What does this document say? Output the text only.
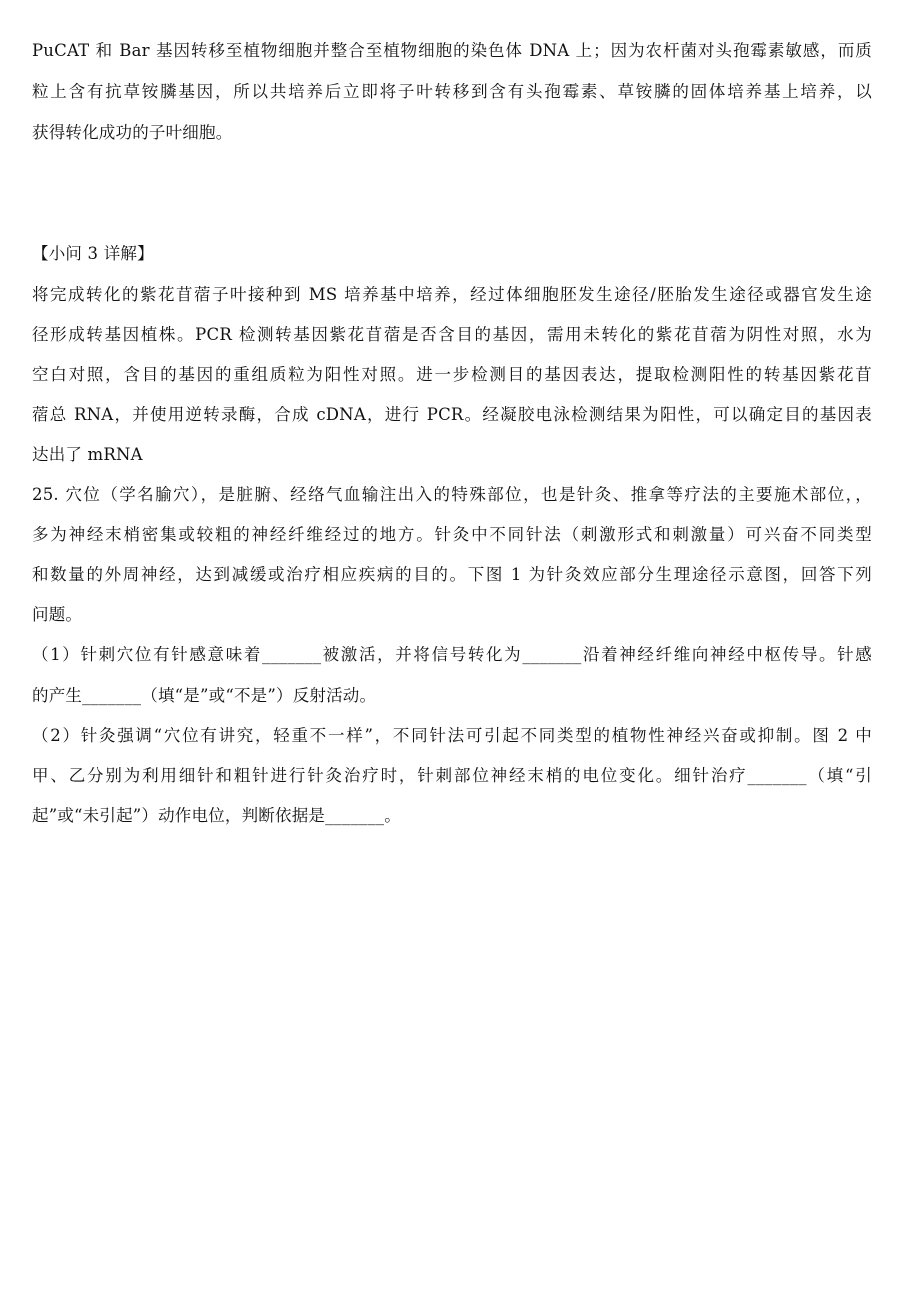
PuCAT 和 Bar 基因转移至植物细胞并整合至植物细胞的染色体 DNA 上；因为农杆菌对头孢霉素敏感，而质
粒上含有抗草铵膦基因，所以共培养后立即将子叶转移到含有头孢霉素、草铵膦的固体培养基上培养，以
获得转化成功的子叶细胞。
【小问 3 详解】
将完成转化的紫花苜蓿子叶接种到 MS 培养基中培养，经过体细胞胚发生途径/胚胎发生途径或器官发生途
径形成转基因植株。PCR 检测转基因紫花苜蓿是否含目的基因，需用未转化的紫花苜蓿为阴性对照，水为
空白对照，含目的基因的重组质粒为阳性对照。进一步检测目的基因表达，提取检测阳性的转基因紫花苜
蓿总 RNA，并使用逆转录酶，合成 cDNA，进行 PCR。经凝胶电泳检测结果为阳性，可以确定目的基因表
达出了 mRNA
25. 穴位（学名腧穴），是脏腑、经络气血输注出入的特殊部位，也是针灸、推拿等疗法的主要施术部位，，
多为神经末梢密集或较粗的神经纤维经过的地方。针灸中不同针法（刺激形式和刺激量）可兴奋不同类型
和数量的外周神经，达到减缓或治疗相应疾病的目的。下图 1 为针灸效应部分生理途径示意图，回答下列
问题。
（1）针刺穴位有针感意味着_______被激活，并将信号转化为_______沿着神经纤维向神经中枢传导。针感
的产生_______（填“是”或“不是”）反射活动。
（2）针灸强调“穴位有讲究，轻重不一样”，不同针法可引起不同类型的植物性神经兴奋或抑制。图 2 中
甲、乙分别为利用细针和粗针进行针灸治疗时，针刺部位神经末梢的电位变化。细针治疗_______（填“引
起”或“未引起”）动作电位，判断依据是_______。
